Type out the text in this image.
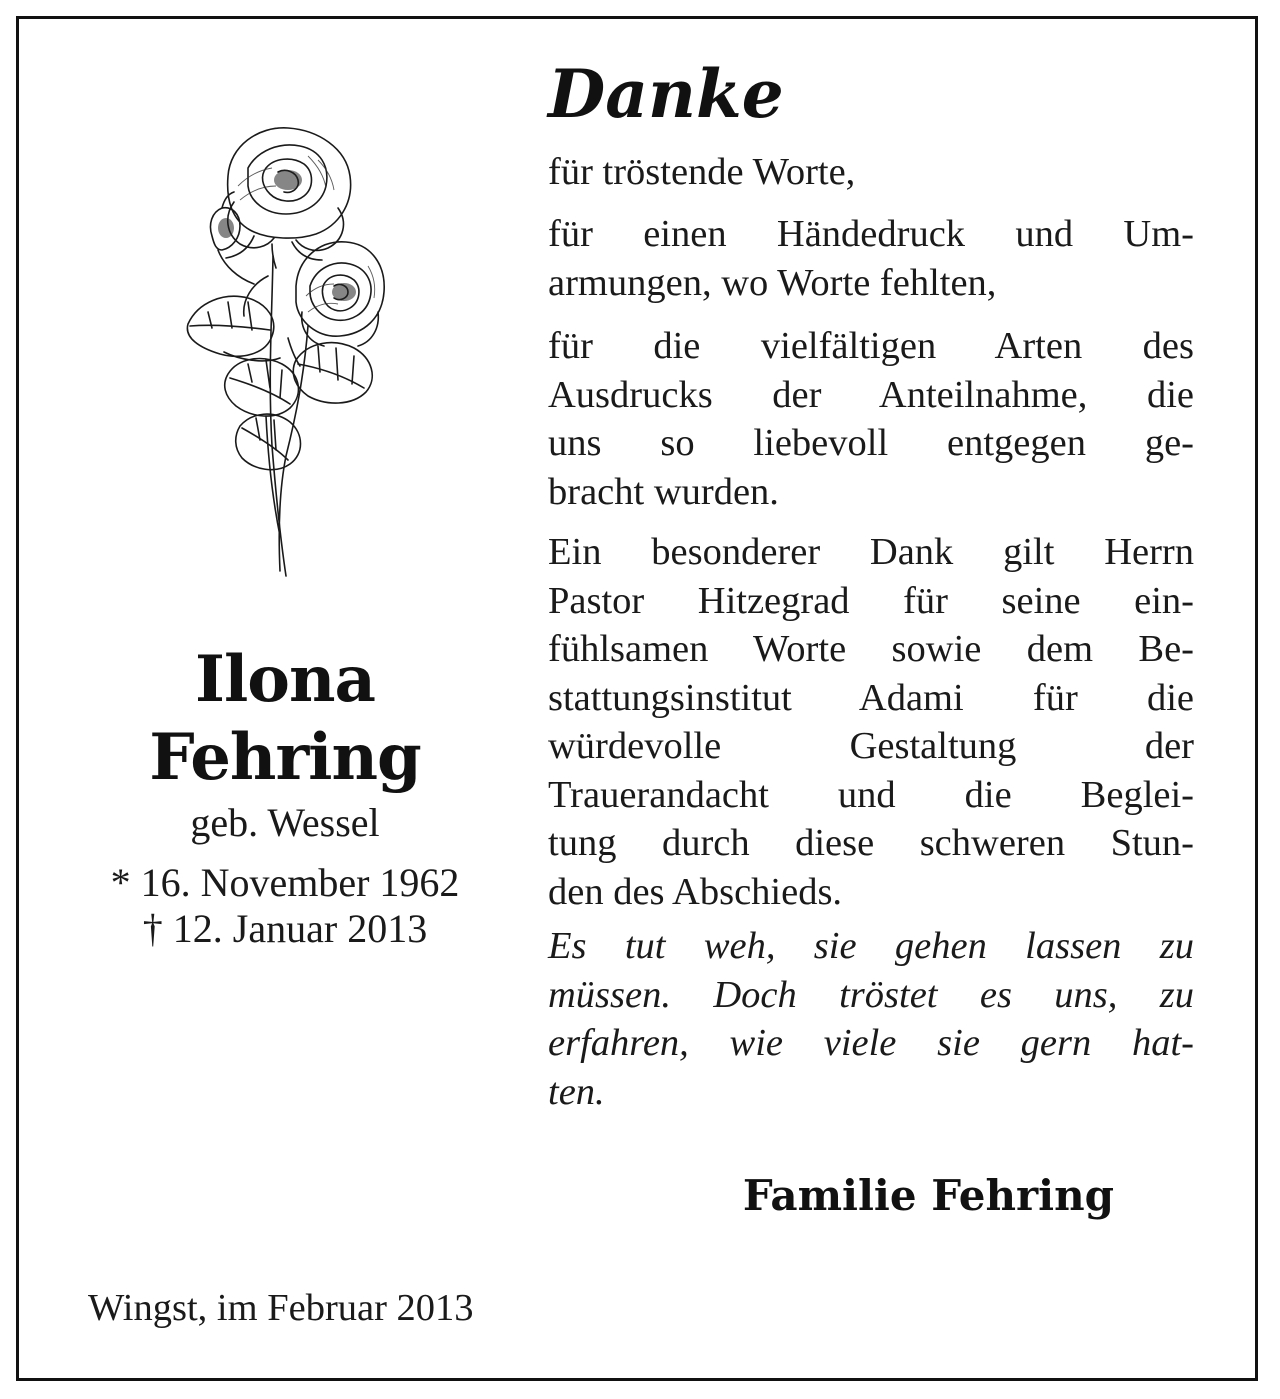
Ilona
Fehring
geb. Wessel
* 16. November 1962
† 12. Januar 2013
Danke
für tröstende Worte,
für einen Händedruck und Um-
armungen, wo Worte fehlten,
für die vielfältigen Arten des
Ausdrucks der Anteilnahme, die
uns so liebevoll entgegen ge-
bracht wurden.
Ein besonderer Dank gilt Herrn
Pastor Hitzegrad für seine ein-
fühlsamen Worte sowie dem Be-
stattungsinstitut Adami für die
würdevolle Gestaltung der
Trauerandacht und die Beglei-
tung durch diese schweren Stun-
den des Abschieds.
Es tut weh, sie gehen lassen zu
müssen. Doch tröstet es uns, zu
erfahren, wie viele sie gern hat-
ten.
Familie Fehring
Wingst, im Februar 2013
